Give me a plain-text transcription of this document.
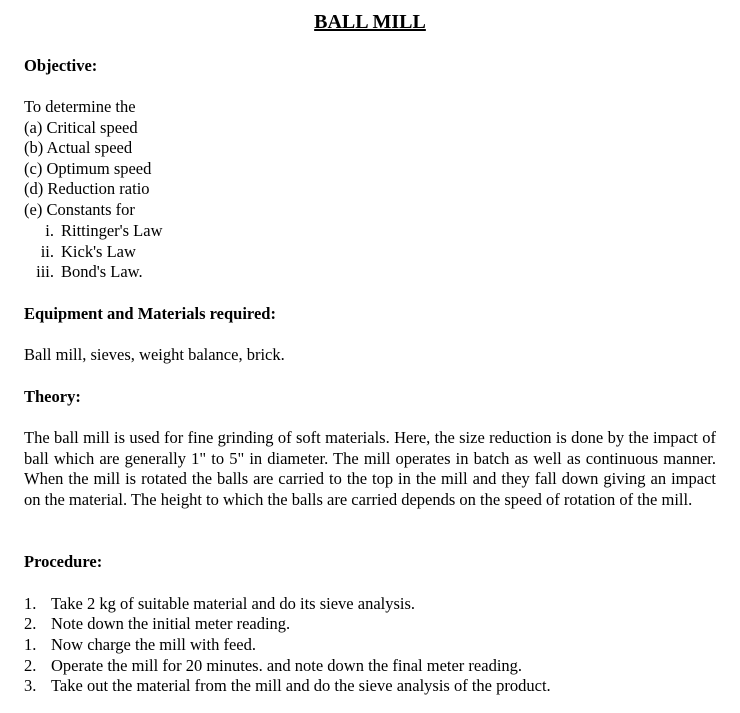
BALL MILL
Objective:
To determine the
(a) Critical speed
(b) Actual speed
(c) Optimum speed
(d) Reduction ratio
(e) Constants for
i. Rittinger's Law
ii. Kick's Law
iii. Bond's Law.
Equipment and Materials required:
Ball mill, sieves, weight balance, brick.
Theory:
The ball mill is used for fine grinding of soft materials. Here, the size reduction is done by the impact of ball which are generally 1" to 5" in diameter. The mill operates in batch as well as continuous manner. When the mill is rotated the balls are carried to the top in the mill and they fall down giving an impact on the material. The height to which the balls are carried depends on the speed of rotation of the mill.
Procedure:
1. Take 2 kg of suitable material and do its sieve analysis.
2. Note down the initial meter reading.
1. Now charge the mill with feed.
2. Operate the mill for 20 minutes. and note down the final meter reading.
3. Take out the material from the mill and do the sieve analysis of the product.
